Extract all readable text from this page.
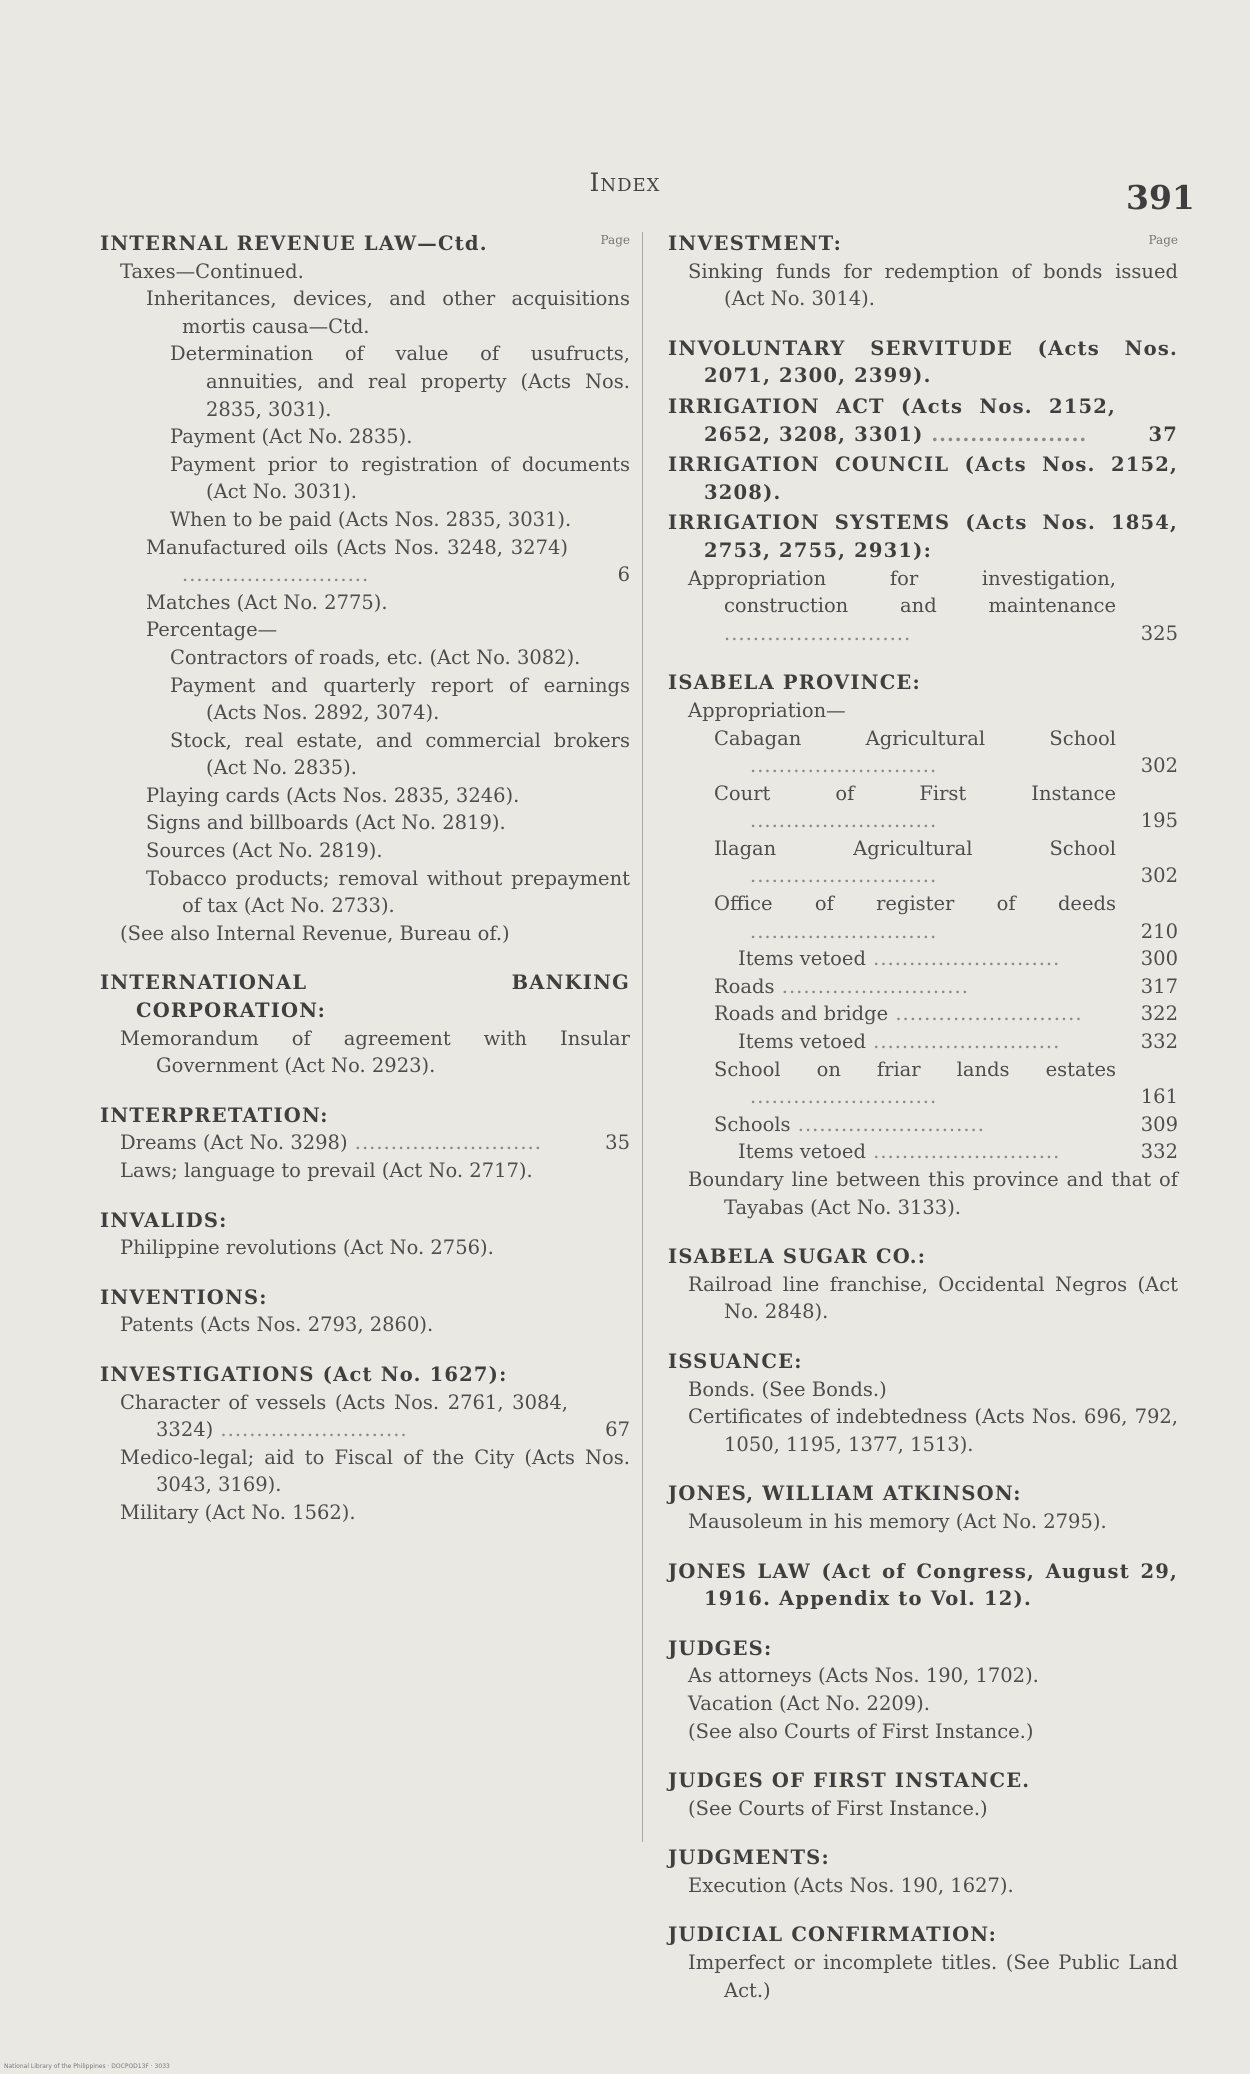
Index	391
Page
INTERNAL REVENUE LAW—Ctd.
Taxes—Continued.
Inheritances, devices, and other acquisitions mortis causa—Ctd.
Determination of value of usufructs, annuities, and real property (Acts Nos. 2835, 3031).
Payment (Act No. 2835).
Payment prior to registration of documents (Act No. 3031).
When to be paid (Acts Nos. 2835, 3031).
Manufactured oils (Acts Nos. 3248, 3274) ..........................	6
Matches (Act No. 2775).
Percentage—
Contractors of roads, etc. (Act No. 3082).
Payment and quarterly report of earnings (Acts Nos. 2892, 3074).
Stock, real estate, and commercial brokers (Act No. 2835).
Playing cards (Acts Nos. 2835, 3246).
Signs and billboards (Act No. 2819).
Sources (Act No. 2819).
Tobacco products; removal without prepayment of tax (Act No. 2733).
(See also Internal Revenue, Bureau of.)
INTERNATIONAL BANKING CORPORATION:
Memorandum of agreement with Insular Government (Act No. 2923).
INTERPRETATION:
Dreams (Act No. 3298) ..........................	35
Laws; language to prevail (Act No. 2717).
INVALIDS:
Philippine revolutions (Act No. 2756).
INVENTIONS:
Patents (Acts Nos. 2793, 2860).
INVESTIGATIONS (Act No. 1627):
Character of vessels (Acts Nos. 2761, 3084, 3324) ..........................	67
Medico-legal; aid to Fiscal of the City (Acts Nos. 3043, 3169).
Military (Act No. 1562).
Page
INVESTMENT:
Sinking funds for redemption of bonds issued (Act No. 3014).
INVOLUNTARY SERVITUDE (Acts Nos. 2071, 2300, 2399).
IRRIGATION ACT (Acts Nos. 2152, 2652, 3208, 3301) ....................	37
IRRIGATION COUNCIL (Acts Nos. 2152, 3208).
IRRIGATION SYSTEMS (Acts Nos. 1854, 2753, 2755, 2931):
Appropriation for investigation, construction and maintenance ..........................	325
ISABELA PROVINCE:
Appropriation—
Cabagan Agricultural School ..........................	302
Court of First Instance ..........................	195
Ilagan Agricultural School ..........................	302
Office of register of deeds ..........................	210
Items vetoed ..........................	300
Roads ..........................	317
Roads and bridge ..........................	322
Items vetoed ..........................	332
School on friar lands estates ..........................	161
Schools ..........................	309
Items vetoed ..........................	332
Boundary line between this province and that of Tayabas (Act No. 3133).
ISABELA SUGAR CO.:
Railroad line franchise, Occidental Negros (Act No. 2848).
ISSUANCE:
Bonds. (See Bonds.)
Certificates of indebtedness (Acts Nos. 696, 792, 1050, 1195, 1377, 1513).
JONES, WILLIAM ATKINSON:
Mausoleum in his memory (Act No. 2795).
JONES LAW (Act of Congress, August 29, 1916. Appendix to Vol. 12).
JUDGES:
As attorneys (Acts Nos. 190, 1702).
Vacation (Act No. 2209).
(See also Courts of First Instance.)
JUDGES OF FIRST INSTANCE.
(See Courts of First Instance.)
JUDGMENTS:
Execution (Acts Nos. 190, 1627).
JUDICIAL CONFIRMATION:
Imperfect or incomplete titles. (See Public Land Act.)
National Library of the Philippines · DOCPOD13F · 3033
